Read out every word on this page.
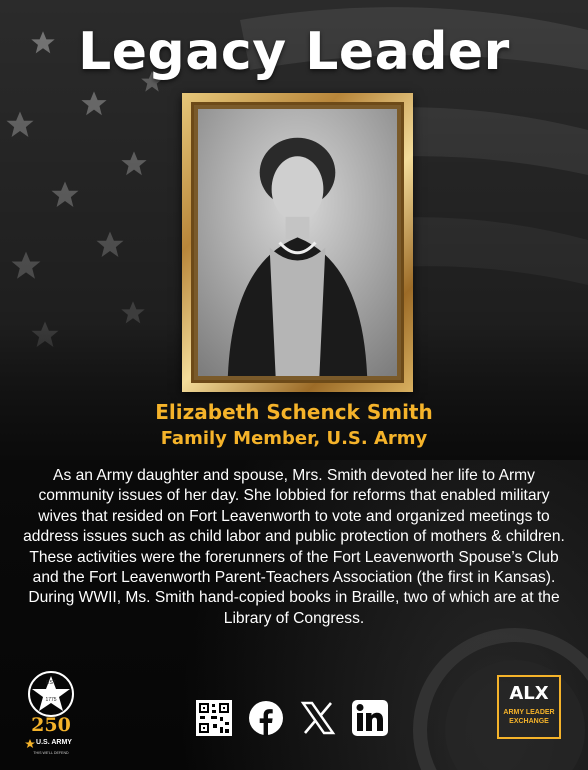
Legacy Leader
Elizabeth Schenck Smith
Family Member, U.S. Army
As an Army daughter and spouse, Mrs. Smith devoted her life to Army community issues of her day. She lobbied for reforms that enabled military wives that resided on Fort Leavenworth to vote and organized meetings to address issues such as child labor and public protection of mothers & children. These activities were the forerunners of the Fort Leavenworth Spouse’s Club and the Fort Leavenworth Parent-Teachers Association (the first in Kansas). During WWII, Ms. Smith hand-copied books in Braille, two of which are at the Library of Congress.
EST
1775
250
U.S. ARMY
THIS WE'LL DEFEND
ALX
ARMY LEADER
EXCHANGE
